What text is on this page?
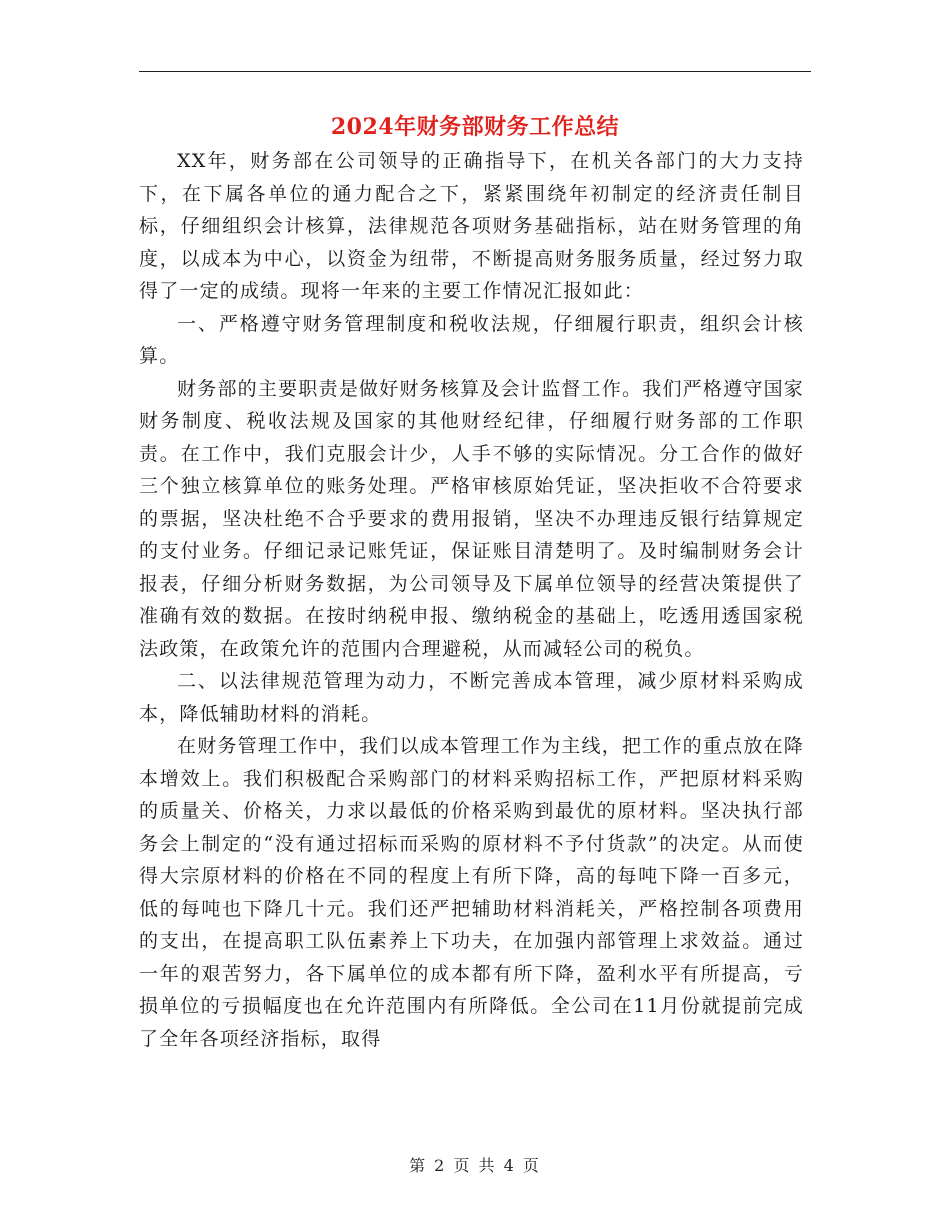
2024年财务部财务工作总结

XX年，财务部在公司领导的正确指导下，在机关各部门的大力支持下，在下属各单位的通力配合之下，紧紧围绕年初制定的经济责任制目标，仔细组织会计核算，法律规范各项财务基础指标，站在财务管理的角度，以成本为中心，以资金为纽带，不断提高财务服务质量，经过努力取得了一定的成绩。现将一年来的主要工作情况汇报如此：

一、严格遵守财务管理制度和税收法规，仔细履行职责，组织会计核算。

财务部的主要职责是做好财务核算及会计监督工作。我们严格遵守国家财务制度、税收法规及国家的其他财经纪律，仔细履行财务部的工作职责。在工作中，我们克服会计少，人手不够的实际情况。分工合作的做好三个独立核算单位的账务处理。严格审核原始凭证，坚决拒收不合符要求的票据，坚决杜绝不合乎要求的费用报销，坚决不办理违反银行结算规定的支付业务。仔细记录记账凭证，保证账目清楚明了。及时编制财务会计报表，仔细分析财务数据，为公司领导及下属单位领导的经营决策提供了准确有效的数据。在按时纳税申报、缴纳税金的基础上，吃透用透国家税法政策，在政策允许的范围内合理避税，从而减轻公司的税负。

二、以法律规范管理为动力，不断完善成本管理，减少原材料采购成本，降低辅助材料的消耗。

在财务管理工作中，我们以成本管理工作为主线，把工作的重点放在降本增效上。我们积极配合采购部门的材料采购招标工作，严把原材料采购的质量关、价格关，力求以最低的价格采购到最优的原材料。坚决执行部务会上制定的“没有通过招标而采购的原材料不予付货款”的决定。从而使得大宗原材料的价格在不同的程度上有所下降，高的每吨下降一百多元，低的每吨也下降几十元。我们还严把辅助材料消耗关，严格控制各项费用的支出，在提高职工队伍素养上下功夫，在加强内部管理上求效益。通过一年的艰苦努力，各下属单位的成本都有所下降，盈利水平有所提高，亏损单位的亏损幅度也在允许范围内有所降低。全公司在11月份就提前完成了全年各项经济指标，取得

第 2 页 共 4 页
